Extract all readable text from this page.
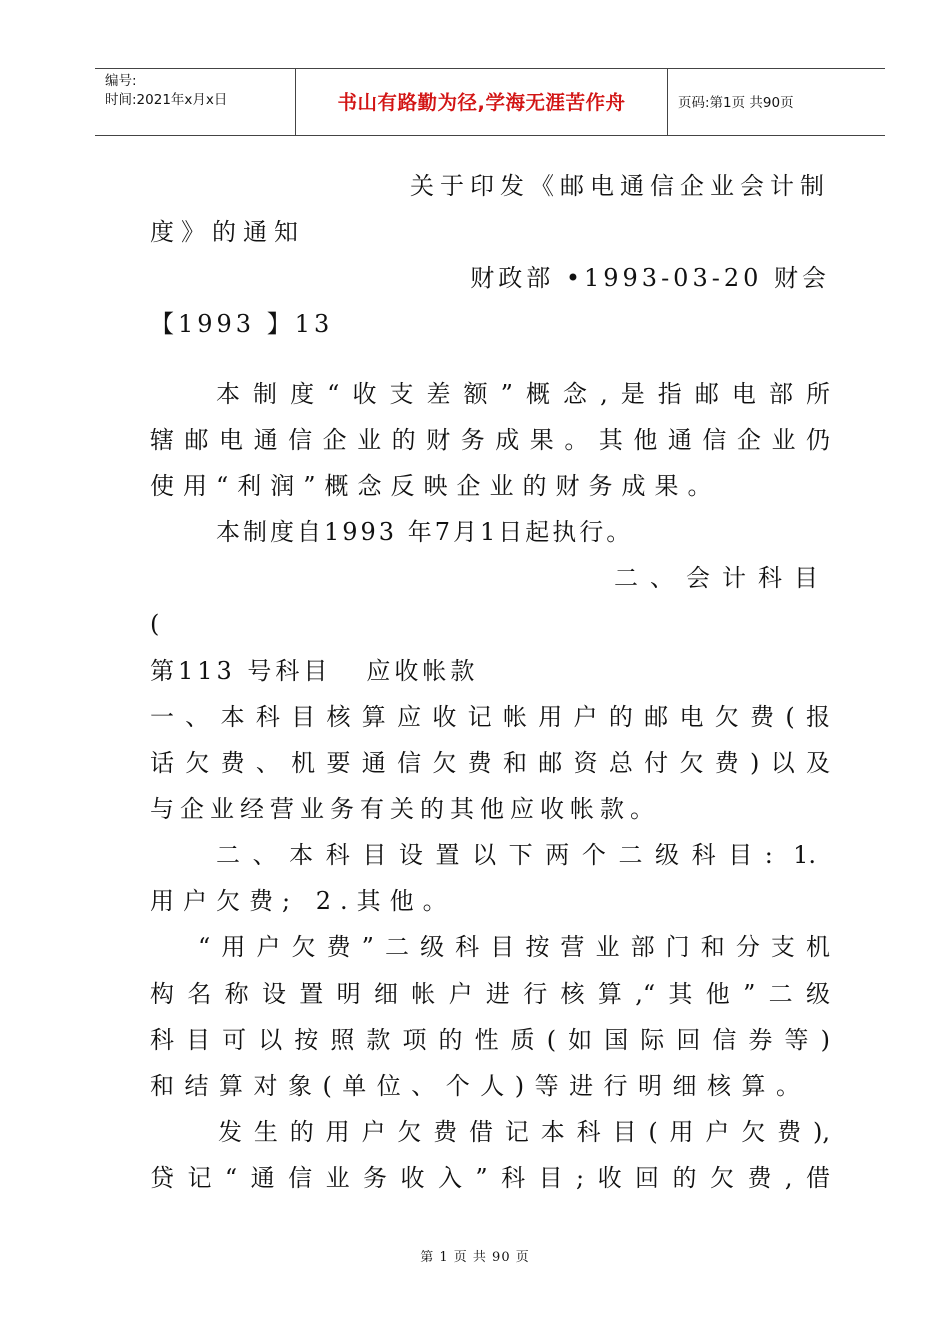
编号:
时间:2021年x月x日	书山有路勤为径,学海无涯苦作舟	页码:第1页 共90页

关于印发《邮电通信企业会计制

度》的通知

财政部 •1993-03-20 财会

【1993 】13

本制度“收支差额”概念,是指邮电部所

辖邮电通信企业的财务成果。其他通信企业仍

使用“利润”概念反映企业的财务成果。

本制度自1993 年7月1日起执行。

二、会计科目

(

第113 号科目   应收帐款

一、本科目核算应收记帐用户的邮电欠费(报

话欠费、机要通信欠费和邮资总付欠费)以及

与企业经营业务有关的其他应收帐款。

二、本科目设置以下两个二级科目: 1.

用户欠费; 2.其他。

“用户欠费”二级科目按营业部门和分支机

构名称设置明细帐户进行核算,“其他”二级

科目可以按照款项的性质(如国际回信券等)

和结算对象(单位、个人)等进行明细核算。

发生的用户欠费借记本科目(用户欠费),

贷记“通信业务收入”科目;收回的欠费,借

第 1 页 共 90 页
